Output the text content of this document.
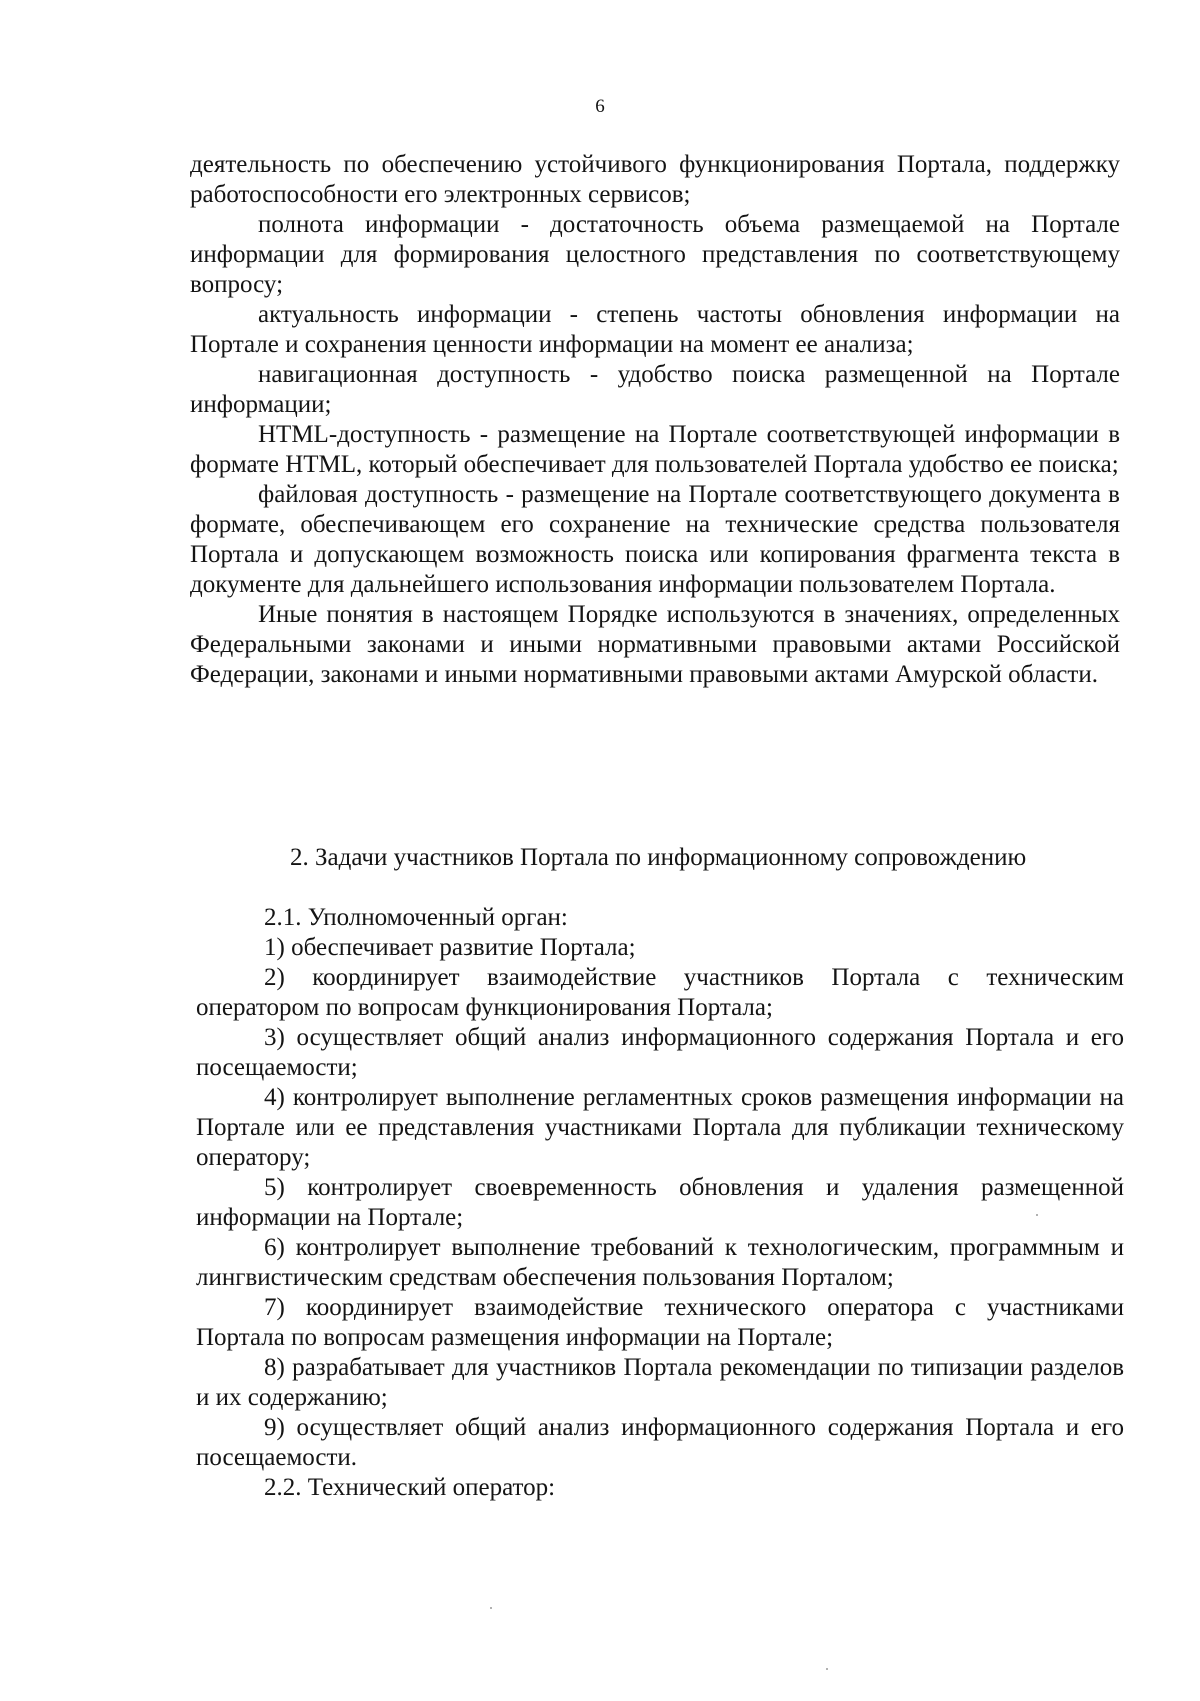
6

деятельность по обеспечению устойчивого функционирования Портала, поддержку работоспособности его электронных сервисов;

полнота информации - достаточность объема размещаемой на Портале информации для формирования целостного представления по соответствующему вопросу;

актуальность информации - степень частоты обновления информации на Портале и сохранения ценности информации на момент ее анализа;

навигационная доступность - удобство поиска размещенной на Портале информации;

HTML-доступность - размещение на Портале соответствующей информации в формате HTML, который обеспечивает для пользователей Портала удобство ее поиска;

файловая доступность - размещение на Портале соответствующего документа в формате, обеспечивающем его сохранение на технические средства пользователя Портала и допускающем возможность поиска или копирования фрагмента текста в документе для дальнейшего использования информации пользователем Портала.

Иные понятия в настоящем Порядке используются в значениях, определенных Федеральными законами и иными нормативными правовыми актами Российской Федерации, законами и иными нормативными правовыми актами Амурской области.

2. Задачи участников Портала по информационному сопровождению

2.1. Уполномоченный орган:

1) обеспечивает развитие Портала;

2) координирует взаимодействие участников Портала с техническим оператором по вопросам функционирования Портала;

3) осуществляет общий анализ информационного содержания Портала и его посещаемости;

4) контролирует выполнение регламентных сроков размещения информации на Портале или ее представления участниками Портала для публикации техническому оператору;

5) контролирует своевременность обновления и удаления размещенной информации на Портале;

6) контролирует выполнение требований к технологическим, программным и лингвистическим средствам обеспечения пользования Порталом;

7) координирует взаимодействие технического оператора с участниками Портала по вопросам размещения информации на Портале;

8) разрабатывает для участников Портала рекомендации по типизации разделов и их содержанию;

9) осуществляет общий анализ информационного содержания Портала и его посещаемости.

2.2. Технический оператор:
